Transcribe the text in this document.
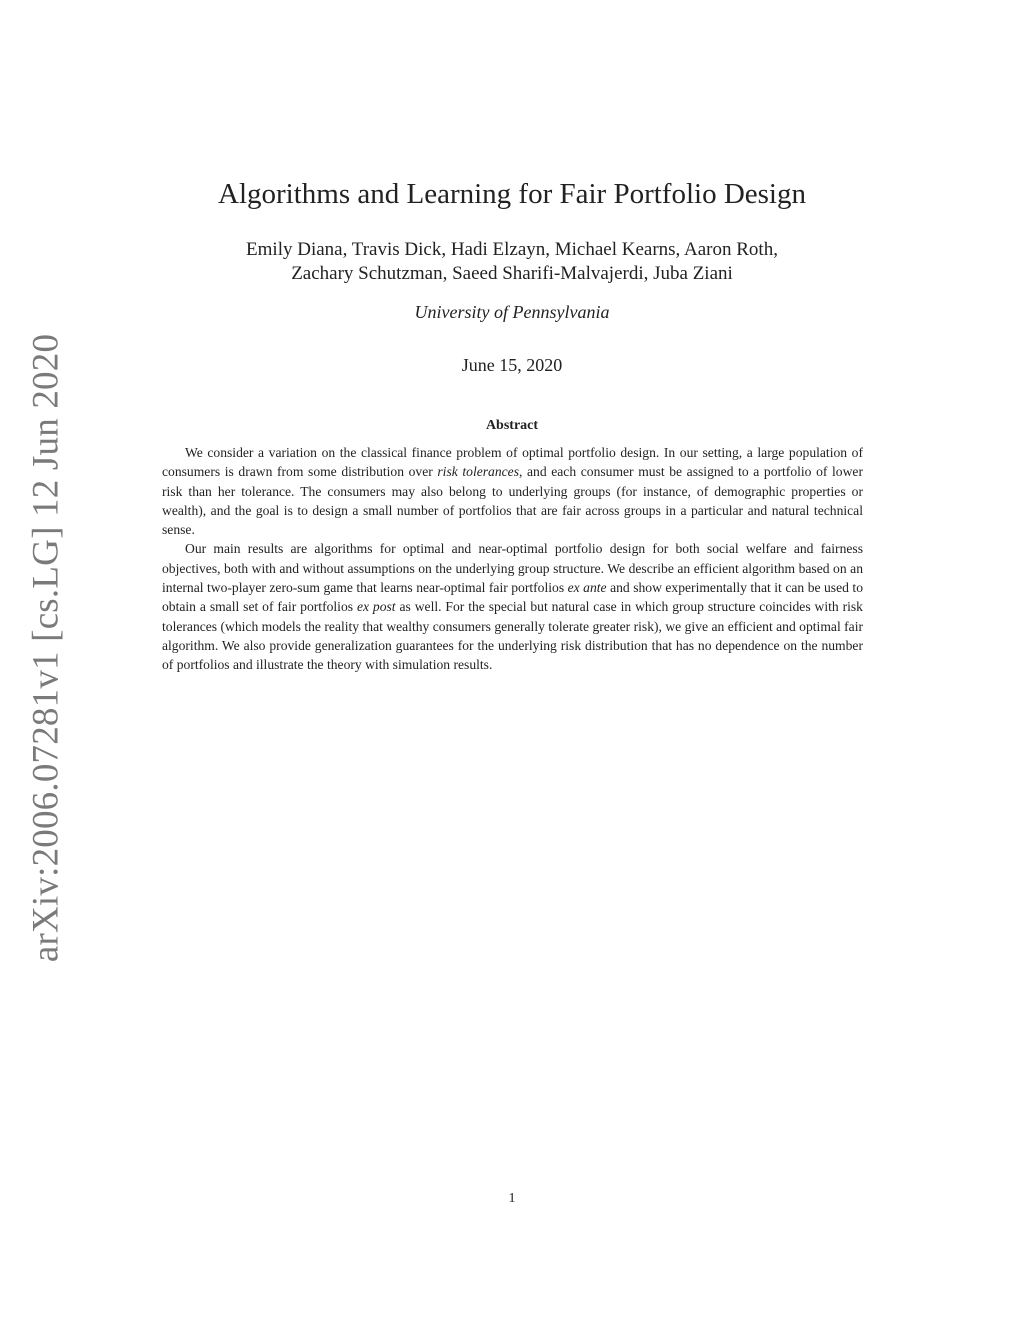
arXiv:2006.07281v1 [cs.LG] 12 Jun 2020
Algorithms and Learning for Fair Portfolio Design
Emily Diana, Travis Dick, Hadi Elzayn, Michael Kearns, Aaron Roth,
Zachary Schutzman, Saeed Sharifi-Malvajerdi, Juba Ziani
University of Pennsylvania
June 15, 2020
Abstract

We consider a variation on the classical finance problem of optimal portfolio design. In our setting, a large population of consumers is drawn from some distribution over risk tolerances, and each consumer must be assigned to a portfolio of lower risk than her tolerance. The consumers may also belong to underlying groups (for instance, of demographic properties or wealth), and the goal is to design a small number of portfolios that are fair across groups in a particular and natural technical sense.

Our main results are algorithms for optimal and near-optimal portfolio design for both social welfare and fairness objectives, both with and without assumptions on the underlying group structure. We describe an efficient algorithm based on an internal two-player zero-sum game that learns near-optimal fair portfolios ex ante and show experimentally that it can be used to obtain a small set of fair portfolios ex post as well. For the special but natural case in which group structure coincides with risk tolerances (which models the reality that wealthy consumers generally tolerate greater risk), we give an efficient and optimal fair algorithm. We also provide generalization guarantees for the underlying risk distribution that has no dependence on the number of portfolios and illustrate the theory with simulation results.

1
